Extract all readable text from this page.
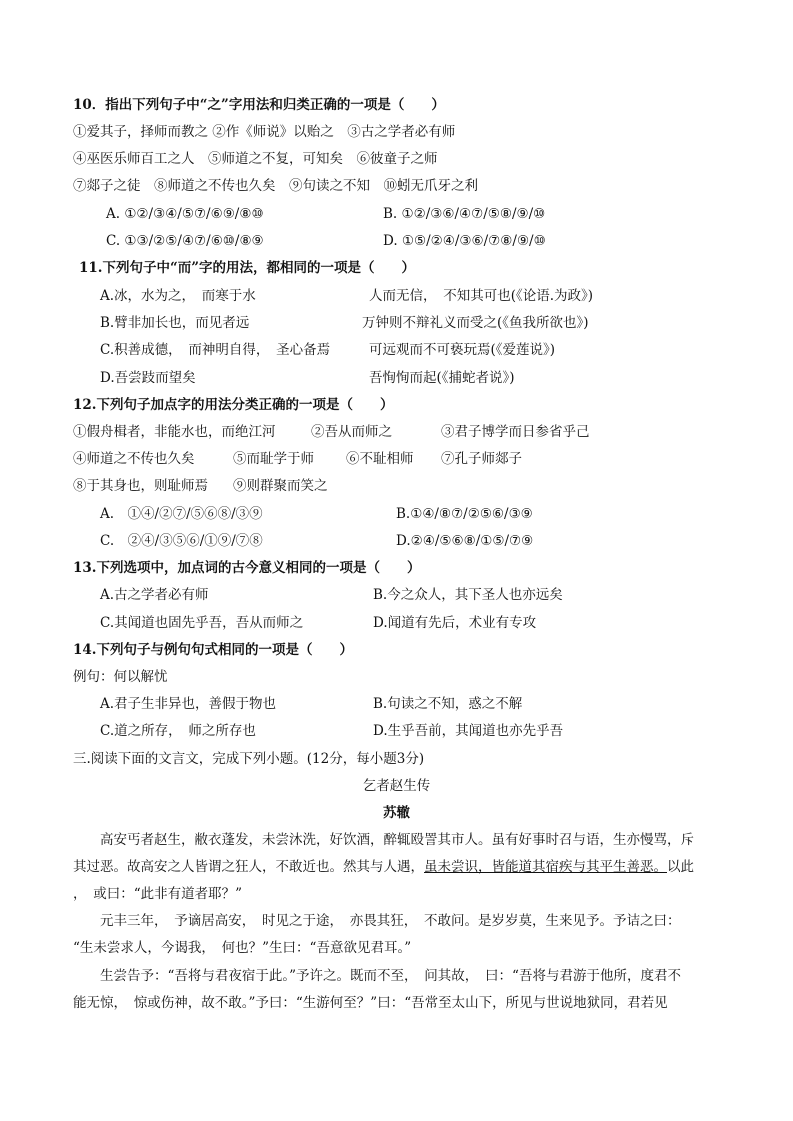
10．指出下列句子中“之”字用法和归类正确的一项是（　　）
①爱其子，择师而教之 ②作《师说》以贻之　③古之学者必有师
④巫医乐师百工之人　⑤师道之不复，可知矣　⑥彼童子之师
⑦郯子之徒　⑧师道之不传也久矣　⑨句读之不知　⑩蚓无爪牙之利
A. ①②/③④/⑤⑦/⑥⑨/⑧⑩	B. ①②/③⑥/④⑦/⑤⑧/⑨/⑩
C. ①③/②⑤/④⑦/⑥⑩/⑧⑨	D. ①⑤/②④/③⑥/⑦⑧/⑨/⑩
11.下列句子中“而”字的用法，都相同的一项是（　　）
A.冰，水为之，　而寒于水	人而无信，　不知其可也(《论语.为政》)
B.臂非加长也，而见者远	万钟则不辩礼义而受之(《鱼我所欲也》)
C.积善成德，　而神明自得，　圣心备焉	可远观而不可亵玩焉(《爱莲说》)
D.吾尝跂而望矣	吾恂恂而起(《捕蛇者说》)
12.下列句子加点字的用法分类正确的一项是（　　）
①假舟楫者，非能水也，而绝江河	②吾从而师之	③君子博学而日参省乎己
④师道之不传也久矣	⑤而耻学于师 ⑥不耻相师 ⑦孔子师郯子
⑧于其身也，则耻师焉 ⑨则群聚而笑之
A.　①④/②⑦/⑤⑥⑧/③⑨	B.①④/⑧⑦/②⑤⑥/③⑨
C.　②④/③⑤⑥/①⑨/⑦⑧	D.②④/⑤⑥⑧/①⑤/⑦⑨
13.下列选项中，加点词的古今意义相同的一项是（　　）
A.古之学者必有师	B.今之众人，其下圣人也亦远矣
C.其闻道也固先乎吾，吾从而师之	D.闻道有先后，术业有专攻
14.下列句子与例句句式相同的一项是（　　）
例句：何以解忧
A.君子生非异也，善假于物也	B.句读之不知，惑之不解
C.道之所存，　师之所存也	D.生乎吾前，其闻道也亦先乎吾
三.阅读下面的文言文，完成下列小题。(12分，每小题3分)
乞者赵生传
苏辙
　　高安丐者赵生，敝衣蓬发，未尝沐洗，好饮酒，醉辄殴詈其市人。虽有好事时召与语，生亦慢骂，斥
其过恶。故高安之人皆谓之狂人，不敢近也。然其与人遇，虽未尝识，皆能道其宿疾与其平生善恶。以此
，　或曰：“此非有道者耶？”
　　元丰三年，　予谪居高安，　时见之于途，　亦畏其狂，　不敢问。是岁岁莫，生来见予。予诘之曰：
“生未尝求人，今谒我，　何也？”生曰：“吾意欲见君耳。”
　　生尝告予：“吾将与君夜宿于此。”予许之。既而不至，　问其故，　曰：“吾将与君游于他所，度君不
能无惊，　惊或伤神，故不敢。”予曰：“生游何至？”曰：“吾常至太山下，所见与世说地狱同，君若见
